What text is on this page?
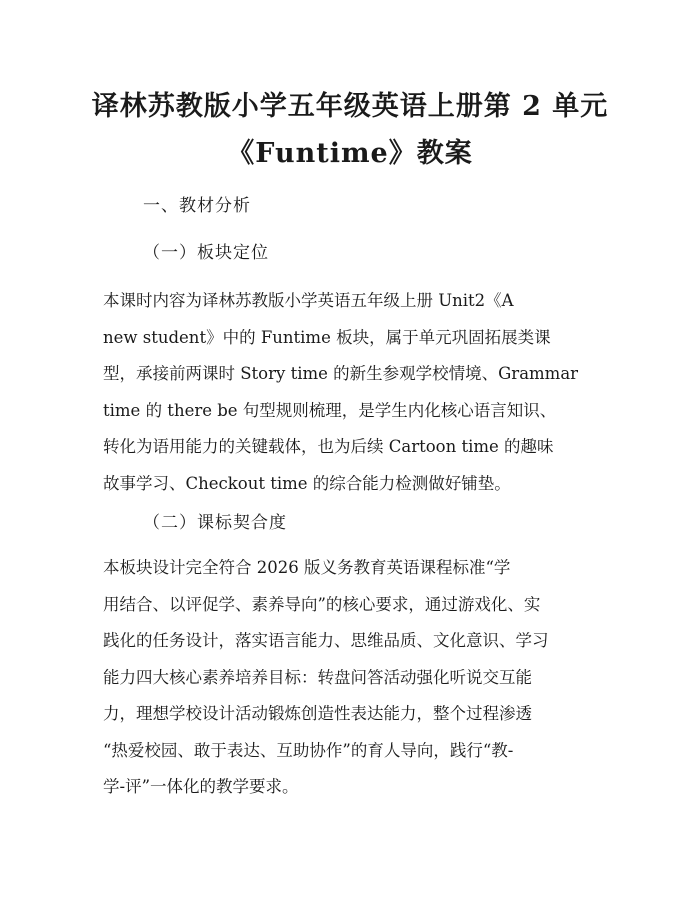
译林苏教版小学五年级英语上册第 2 单元
《Funtime》教案
一、教材分析
（一）板块定位
本课时内容为译林苏教版小学英语五年级上册 Unit2《A
new student》中的 Funtime 板块，属于单元巩固拓展类课
型，承接前两课时 Story time 的新生参观学校情境、Grammar
time 的 there be 句型规则梳理，是学生内化核心语言知识、
转化为语用能力的关键载体，也为后续 Cartoon time 的趣味
故事学习、Checkout time 的综合能力检测做好铺垫。
（二）课标契合度
本板块设计完全符合 2026 版义务教育英语课程标准“学
用结合、以评促学、素养导向”的核心要求，通过游戏化、实
践化的任务设计，落实语言能力、思维品质、文化意识、学习
能力四大核心素养培养目标：转盘问答活动强化听说交互能
力，理想学校设计活动锻炼创造性表达能力，整个过程渗透
“热爱校园、敢于表达、互助协作”的育人导向，践行“教-
学-评”一体化的教学要求。
